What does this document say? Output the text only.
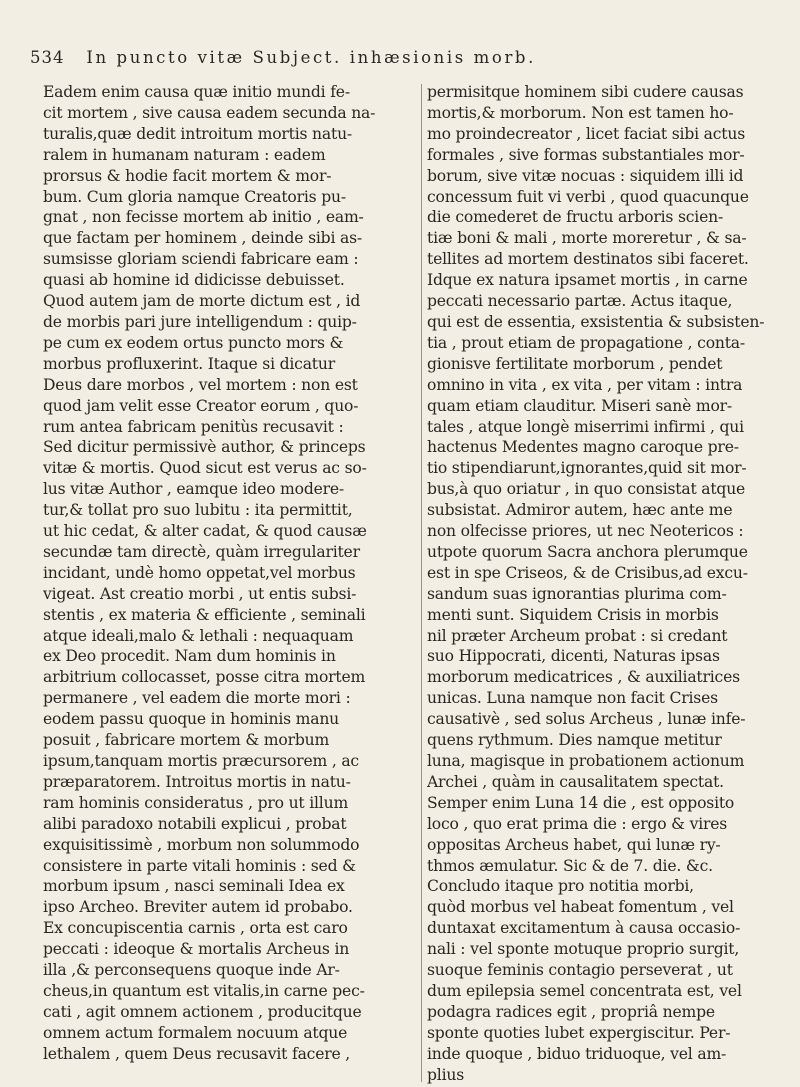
534 In puncto vitæ Subject. inhæsionis morb.
Eadem enim causa quæ initio mundi fe-
cit mortem , sive causa eadem secunda na-
turalis,quæ dedit introitum mortis natu-
ralem in humanam naturam : eadem
prorsus & hodie facit mortem & mor-
bum. Cum gloria namque Creatoris pu-
gnat , non fecisse mortem ab initio , eam-
que factam per hominem , deinde sibi as-
sumsisse gloriam sciendi fabricare eam :
quasi ab homine id didicisse debuisset.
Quod autem jam de morte dictum est , id
de morbis pari jure intelligendum : quip-
pe cum ex eodem ortus puncto mors &
morbus profluxerint. Itaque si dicatur
Deus dare morbos , vel mortem : non est
quod jam velit esse Creator eorum , quo-
rum antea fabricam penitùs recusavit :
Sed dicitur permissivè author, & princeps
vitæ & mortis. Quod sicut est verus ac so-
lus vitæ Author , eamque ideo modere-
tur,& tollat pro suo lubitu : ita permittit,
ut hic cedat, & alter cadat, & quod causæ
secundæ tam directè, quàm irregulariter
incidant, undè homo oppetat,vel morbus
vigeat. Ast creatio morbi , ut entis subsi-
stentis , ex materia & efficiente , seminali
atque ideali,malo & lethali : nequaquam
ex Deo procedit. Nam dum hominis in
arbitrium collocasset, posse citra mortem
permanere , vel eadem die morte mori :
eodem passu quoque in hominis manu
posuit , fabricare mortem & morbum
ipsum,tanquam mortis præcursorem , ac
præparatorem. Introitus mortis in natu-
ram hominis consideratus , pro ut illum
alibi paradoxo notabili explicui , probat
exquisitissimè , morbum non solummodo
consistere in parte vitali hominis : sed &
morbum ipsum , nasci seminali Idea ex
ipso Archeo. Breviter autem id probabo.
Ex concupiscentia carnis , orta est caro
peccati : ideoque & mortalis Archeus in
illa ,& perconsequens quoque inde Ar-
cheus,in quantum est vitalis,in carne pec-
cati , agit omnem actionem , producitque
omnem actum formalem nocuum atque
lethalem , quem Deus recusavit facere ,
permisitque hominem sibi cudere causas
mortis,& morborum. Non est tamen ho-
mo proindecreator , licet faciat sibi actus
formales , sive formas substantiales mor-
borum, sive vitæ nocuas : siquidem illi id
concessum fuit vi verbi , quod quacunque
die comederet de fructu arboris scien-
tiæ boni & mali , morte moreretur , & sa-
tellites ad mortem destinatos sibi faceret.
Idque ex natura ipsamet mortis , in carne
peccati necessario partæ. Actus itaque,
qui est de essentia, exsistentia & subsisten-
tia , prout etiam de propagatione , conta-
gionisve fertilitate morborum , pendet
omnino in vita , ex vita , per vitam : intra
quam etiam clauditur. Miseri sanè mor-
tales , atque longè miserrimi infirmi , qui
hactenus Medentes magno caroque pre-
tio stipendiarunt,ignorantes,quid sit mor-
bus,à quo oriatur , in quo consistat atque
subsistat. Admiror autem, hæc ante me
non olfecisse priores, ut nec Neotericos :
utpote quorum Sacra anchora plerumque
est in spe Criseos, & de Crisibus,ad excu-
sandum suas ignorantias plurima com-
menti sunt. Siquidem Crisis in morbis
nil præter Archeum probat : si credant
suo Hippocrati, dicenti, Naturas ipsas
morborum medicatrices , & auxiliatrices
unicas. Luna namque non facit Crises
causativè , sed solus Archeus , lunæ infe-
quens rythmum. Dies namque metitur
luna, magisque in probationem actionum
Archei , quàm in causalitatem spectat.
Semper enim Luna 14 die , est opposito
loco , quo erat prima die : ergo & vires
oppositas Archeus habet, qui lunæ ry-
thmos æmulatur. Sic & de 7. die. &c.
Concludo itaque pro notitia morbi,
quòd morbus vel habeat fomentum , vel
duntaxat excitamentum à causa occasio-
nali : vel sponte motuque proprio surgit,
suoque feminis contagio perseverat , ut
dum epilepsia semel concentrata est, vel
podagra radices egit , propriâ nempe
sponte quoties lubet expergiscitur. Per-
inde quoque , biduo triduoque, vel am-
plius
